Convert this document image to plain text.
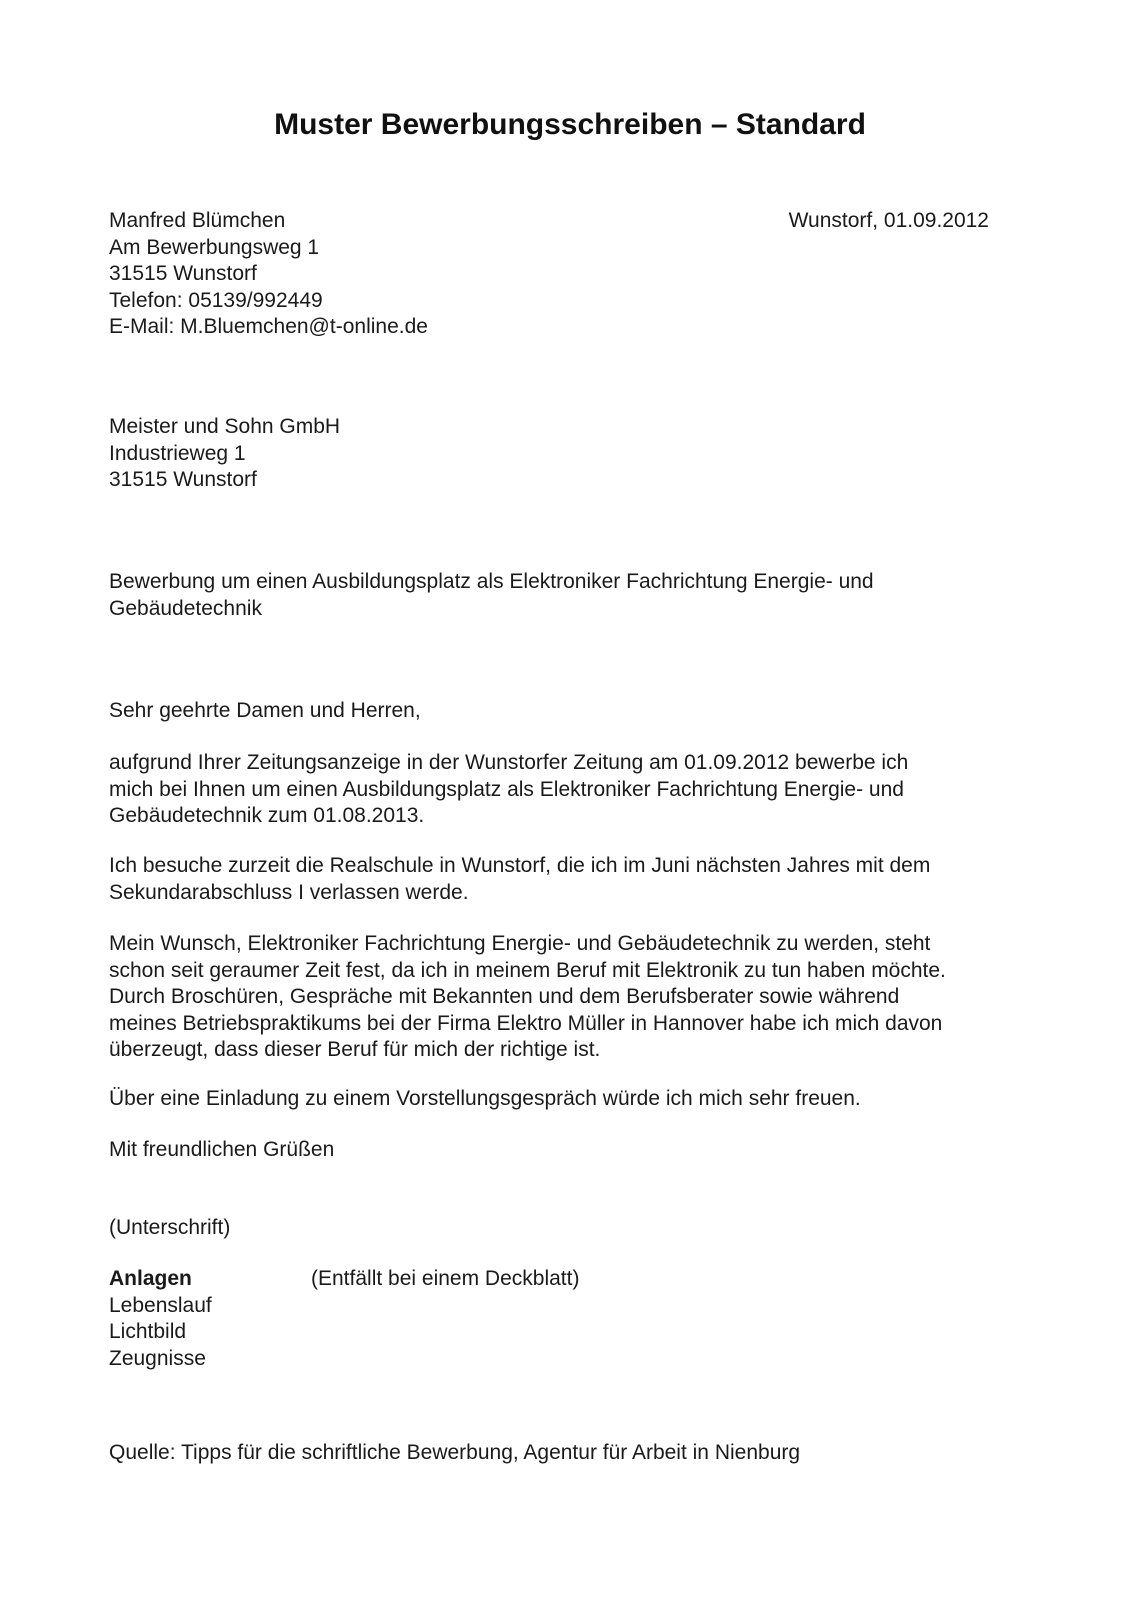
Muster Bewerbungsschreiben – Standard
Manfred Blümchen
Am Bewerbungsweg 1
31515 Wunstorf
Telefon: 05139/992449
E-Mail: M.Bluemchen@t-online.de
Wunstorf, 01.09.2012
Meister und Sohn GmbH
Industrieweg 1
31515 Wunstorf
Bewerbung um einen Ausbildungsplatz als Elektroniker Fachrichtung Energie- und
Gebäudetechnik
Sehr geehrte Damen und Herren,
aufgrund Ihrer Zeitungsanzeige in der Wunstorfer Zeitung am 01.09.2012 bewerbe ich
mich bei Ihnen um einen Ausbildungsplatz als Elektroniker Fachrichtung Energie- und
Gebäudetechnik zum 01.08.2013.
Ich besuche zurzeit die Realschule in Wunstorf, die ich im Juni nächsten Jahres mit dem
Sekundarabschluss I verlassen werde.
Mein Wunsch, Elektroniker Fachrichtung Energie- und Gebäudetechnik zu werden, steht
schon seit geraumer Zeit fest, da ich in meinem Beruf mit Elektronik zu tun haben möchte.
Durch Broschüren, Gespräche mit Bekannten und dem Berufsberater sowie während
meines Betriebspraktikums bei der Firma Elektro Müller in Hannover habe ich mich davon
überzeugt, dass dieser Beruf für mich der richtige ist.
Über eine Einladung zu einem Vorstellungsgespräch würde ich mich sehr freuen.
Mit freundlichen Grüßen
(Unterschrift)
Anlagen
Lebenslauf
Lichtbild
Zeugnisse
(Entfällt bei einem Deckblatt)
Quelle: Tipps für die schriftliche Bewerbung, Agentur für Arbeit in Nienburg
